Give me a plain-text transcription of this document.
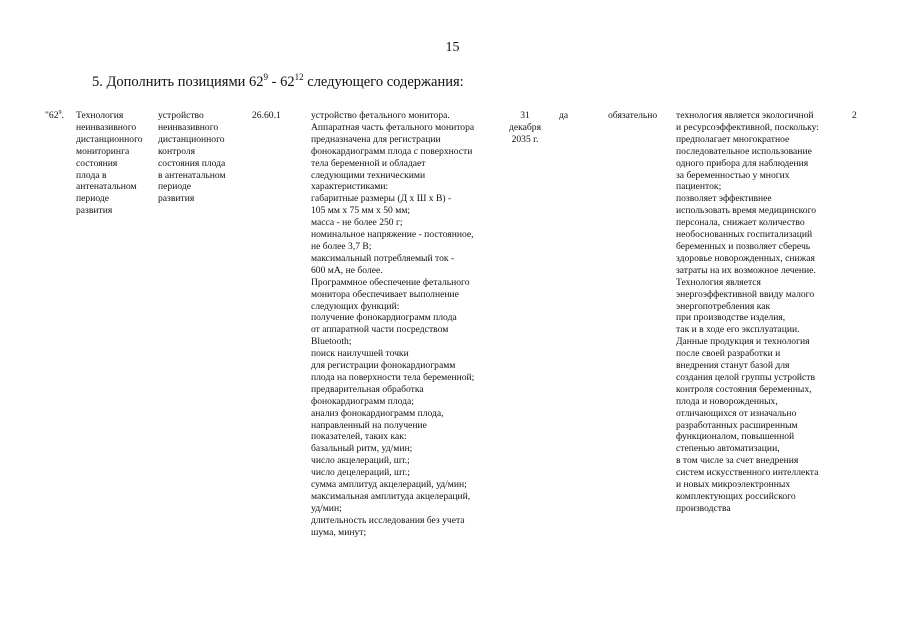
15
5. Дополнить позициями $62^9 - 62^{12}$ следующего содержания:
"$62^9$. Технология
неинвазивного
дистанционного
мониторинга
состояния
плода в
антенатальном
периоде
развития
устройство
неинвазивного
дистанционного
контроля
состояния плода
в антенатальном
периоде
развития
26.60.1	устройство фетального монитора.
Аппаратная часть фетального монитора
предназначена для регистрации
фонокардиограмм плода с поверхности
тела беременной и обладает
следующими техническими
характеристиками:
габаритные размеры (Д х Ш х В) -
105 мм х 75 мм х 50 мм;
масса - не более 250 г;
номинальное напряжение - постоянное,
не более 3,7 В;
максимальный потребляемый ток -
600 мА, не более.
Программное обеспечение фетального
монитора обеспечивает выполнение
следующих функций:
получение фонокардиограмм плода
от аппаратной части посредством
Bluetooth;
поиск наилучшей точки
для регистрации фонокардиограмм
плода на поверхности тела беременной;
предварительная обработка
фонокардиограмм плода;
анализ фонокардиограмм плода,
направленный на получение
показателей, таких как:
базальный ритм, уд/мин;
число акцелераций, шт.;
число децелераций, шт.;
сумма амплитуд акцелераций, уд/мин;
максимальная амплитуда акцелераций,
уд/мин;
длительность исследования без учета
шума, минут;
31
декабря
2035 г.
да	обязательно технология является экологичной
и ресурсоэффективной, поскольку:
предполагает многократное
последовательное использование
одного прибора для наблюдения
за беременностью у многих
пациенток;
позволяет эффективнее
использовать время медицинского
персонала, снижает количество
необоснованных госпитализаций
беременных и позволяет сберечь
здоровье новорожденных, снижая
затраты на их возможное лечение.
Технология является
энергоэффективной ввиду малого
энергопотребления как
при производстве изделия,
так и в ходе его эксплуатации.
Данные продукция и технология
после своей разработки и
внедрения станут базой для
создания целой группы устройств
контроля состояния беременных,
плода и новорожденных,
отличающихся от изначально
разработанных расширенным
функционалом, повышенной
степенью автоматизации,
в том числе за счет внедрения
систем искусственного интеллекта
и новых микроэлектронных
комплектующих российского
производства
2
